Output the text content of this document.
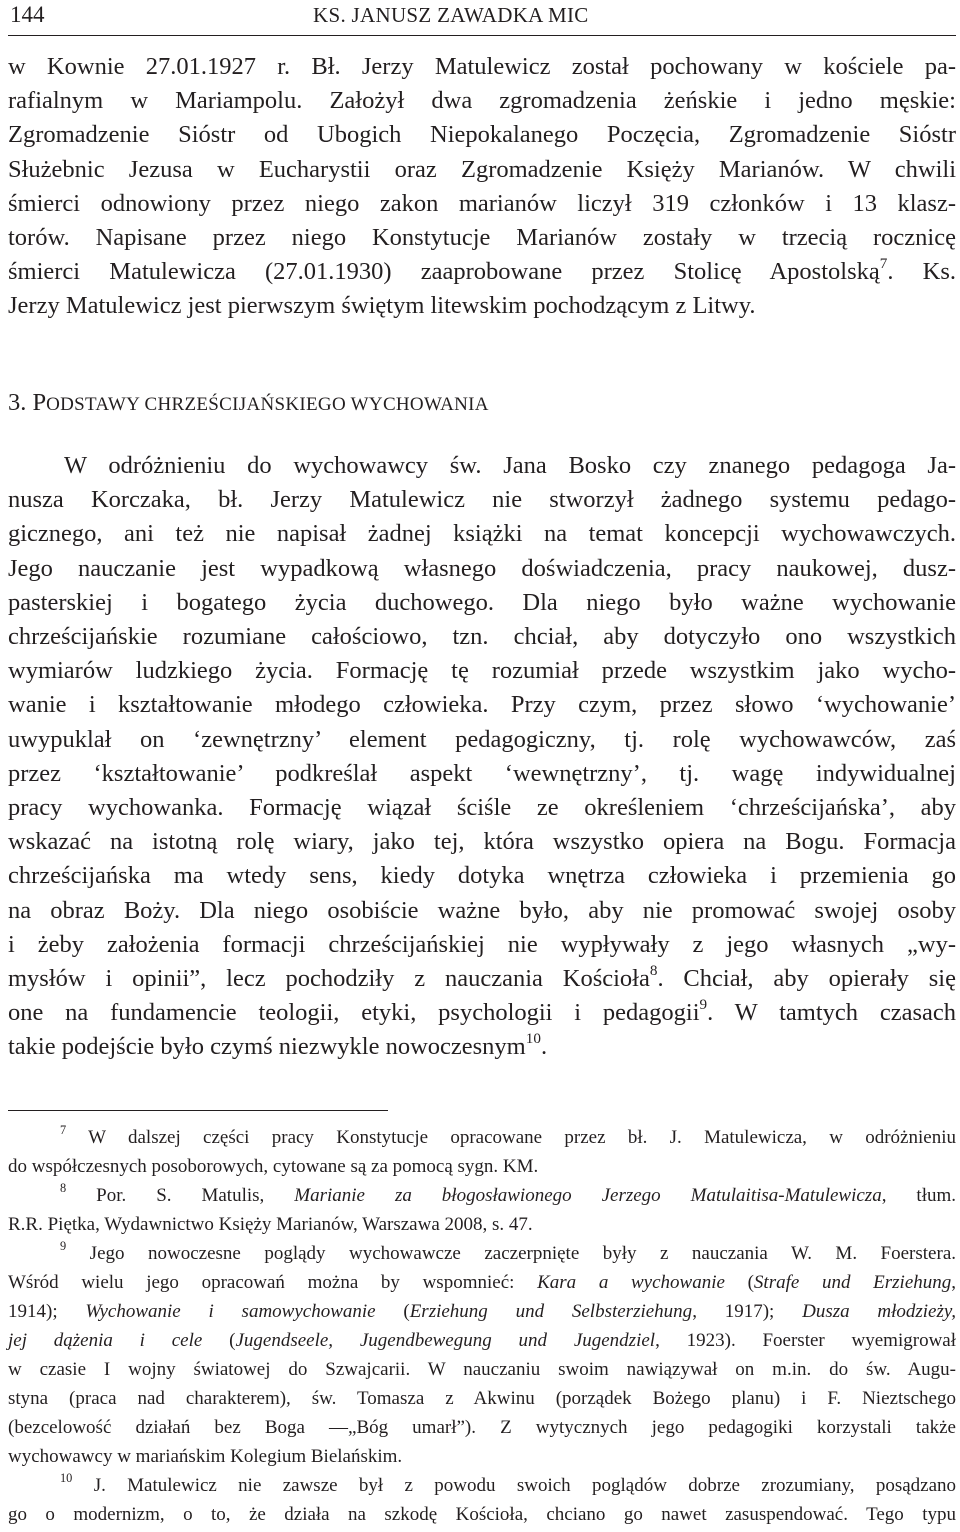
144	KS. JANUSZ ZAWADKA MIC
w Kownie 27.01.1927 r. Bł. Jerzy Matulewicz został pochowany w kościele pa-
rafialnym w Mariampolu. Założył dwa zgromadzenia żeńskie i jedno męskie:
Zgromadzenie Sióstr od Ubogich Niepokalanego Poczęcia, Zgromadzenie Sióstr
Służebnic Jezusa w Eucharystii oraz Zgromadzenie Księży Marianów. W chwili
śmierci odnowiony przez niego zakon marianów liczył 319 członków i 13 klasz-
torów. Napisane przez niego Konstytucje Marianów zostały w trzecią rocznicę
śmierci Matulewicza (27.01.1930) zaaprobowane przez Stolicę Apostolską$^7$. Ks.
Jerzy Matulewicz jest pierwszym świętym litewskim pochodzącym z Litwy.
3. PODSTAWY CHRZEŚCIJAŃSKIEGO WYCHOWANIA
W odróżnieniu do wychowawcy św. Jana Bosko czy znanego pedagoga Ja-
nusza Korczaka, bł. Jerzy Matulewicz nie stworzył żadnego systemu pedago-
gicznego, ani też nie napisał żadnej książki na temat koncepcji wychowawczych.
Jego nauczanie jest wypadkową własnego doświadczenia, pracy naukowej, dusz-
pasterskiej i bogatego życia duchowego. Dla niego było ważne wychowanie
chrześcijańskie rozumiane całościowo, tzn. chciał, aby dotyczyło ono wszystkich
wymiarów ludzkiego życia. Formację tę rozumiał przede wszystkim jako wycho-
wanie i kształtowanie młodego człowieka. Przy czym, przez słowo ‘wychowanie’
uwypuklał on ‘zewnętrzny’ element pedagogiczny, tj. rolę wychowawców, zaś
przez ‘kształtowanie’ podkreślał aspekt ‘wewnętrzny’, tj. wagę indywidualnej
pracy wychowanka. Formację wiązał ściśle ze określeniem ‘chrześcijańska’, aby
wskazać na istotną rolę wiary, jako tej, która wszystko opiera na Bogu. Formacja
chrześcijańska ma wtedy sens, kiedy dotyka wnętrza człowieka i przemienia go
na obraz Boży. Dla niego osobiście ważne było, aby nie promować swojej osoby
i żeby założenia formacji chrześcijańskiej nie wypływały z jego własnych „wy-
mysłów i opinii”, lecz pochodziły z nauczania Kościoła$^8$. Chciał, aby opierały się
one na fundamencie teologii, etyki, psychologii i pedagogii$^9$. W tamtych czasach
takie podejście było czymś niezwykle nowoczesnym$^{10}$.
$^7$ W dalszej części pracy Konstytucje opracowane przez bł. J. Matulewicza, w odróżnieniu
do współczesnych posoborowych, cytowane są za pomocą sygn. KM.
$^8$ Por. S. Matulis, Marianie za błogosławionego Jerzego Matulaitisa-Matulewicza, tłum.
R.R. Piętka, Wydawnictwo Księży Marianów, Warszawa 2008, s. 47.
$^9$ Jego nowoczesne poglądy wychowawcze zaczerpnięte były z nauczania W. M. Foerstera.
Wśród wielu jego opracowań można by wspomnieć: Kara a wychowanie (Strafe und Erziehung,
1914); Wychowanie i samowychowanie (Erziehung und Selbsterziehung, 1917); Dusza młodzieży,
jej dążenia i cele (Jugendseele, Jugendbewegung und Jugendziel, 1923). Foerster wyemigrował
w czasie I wojny światowej do Szwajcarii. W nauczaniu swoim nawiązywał on m.in. do św. Augu-
styna (praca nad charakterem), św. Tomasza z Akwinu (porządek Bożego planu) i F. Nieztschego
(bezcelowość działań bez Boga —„Bóg umarł”). Z wytycznych jego pedagogiki korzystali także
wychowawcy w mariańskim Kolegium Bielańskim.
$^{10}$ J. Matulewicz nie zawsze był z powodu swoich poglądów dobrze zrozumiany, posądzano
go o modernizm, o to, że działa na szkodę Kościoła, chciano go nawet zasuspendować. Tego typu
